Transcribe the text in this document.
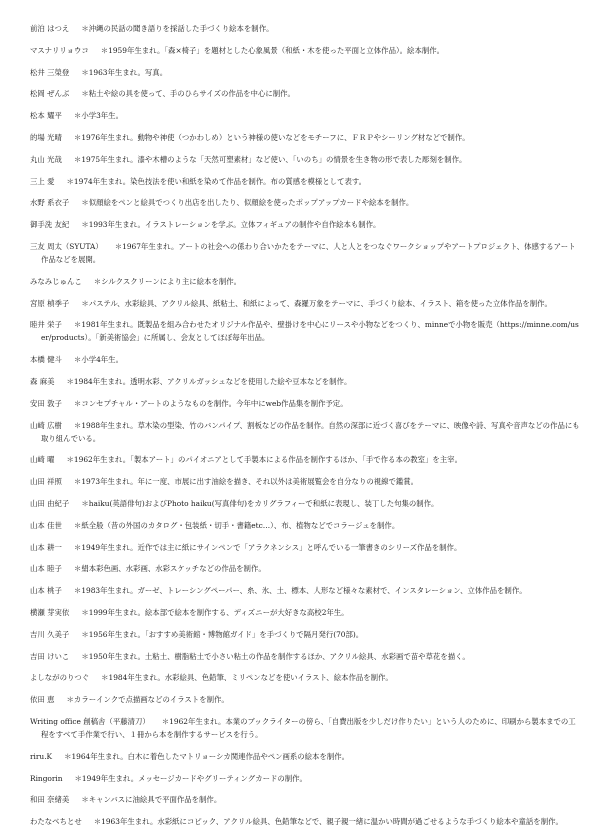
前泊 はつえ ＊沖縄の民話の聞き語りを採話した手づくり絵本を制作。

マスナリリョウコ ＊1959年生まれ。「森×椅子」を題材とした心象風景（和紙・木を使った平面と立体作品）。絵本制作。

松井 三榮登 ＊1963年生まれ。写真。

松岡 ぜんぶ ＊粘土や絵の具を使って、手のひらサイズの作品を中心に制作。

松本 耀平 ＊小学3年生。

的場 光晴 ＊1976年生まれ。動物や神使（つかわしめ）という神様の使いなどをモチーフに、ＦＲＰやシーリング材などで制作。

丸山 光哉 ＊1975年生まれ。漆や木槽のような「天然可塑素材」など使い、「いのち」の情景を生き物の形で表した彫刻を制作。

三上 愛 ＊1974年生まれ。染色技法を使い和紙を染めて作品を制作。布の質感を模様として表す。

水野 系衣子 ＊似顔絵をペンと絵具でつくり出店を出したり、似顔絵を使ったポップアップカードや絵本を制作。

御手洗 友紀 ＊1993年生まれ。イラストレーションを学ぶ。立体フィギュアの制作や自作絵本も制作。

三友 周太（SYUTA） ＊1967年生まれ。アートの社会への係わり合いかたをテーマに、人と人とをつなぐワークショップやアートプロジェクト、体感するアート作品などを展開。

みなみじゅんこ ＊シルクスクリーンにより主に絵本を制作。

宮原 楨季子 ＊パステル、水彩絵具、アクリル絵具、紙粘土、和紙によって、森羅万象をテーマに、手づくり絵本、イラスト、箱を使った立体作品を制作。

睦井 栄子 ＊1981年生まれ。既製品を組み合わせたオリジナル作品や、壁掛けを中心にリースや小物などをつくり、minneで小物を販売（https://minne.com/user/products）。「新美術協会」に所属し、会友としてほぼ毎年出品。

本橋 健斗 ＊小学4年生。

森 麻美 ＊1984年生まれ。透明水彩、アクリルガッシュなどを使用した絵や豆本などを制作。

安田 敦子 ＊コンセプチャル・アートのようなものを制作。今年中にweb作品集を制作予定。

山崎 広樹 ＊1988年生まれ。草木染の型染、竹のバンパイプ、割板などの作品を制作。自然の深部に近づく喜びをテーマに、映像や詩、写真や音声などの作品にも取り組んでいる。

山崎 曜 ＊1962年生まれ。「製本アート」のパイオニアとして手製本による作品を制作するほか、「手で作る本の教室」を主宰。

山田 祥照 ＊1973年生まれ。年に一度、市展に出す油絵を描き、それ以外は美術展覧会を自分なりの視線で鑑賞。

山田 由紀子 ＊haiku(英語俳句)およびPhoto haiku(写真俳句)をカリグラフィーで和紙に表現し、装丁した句集の制作。

山本 佳世 ＊紙全般（昔の外国のカタログ・包装紙・切手・書籍etc…）、布、植物などでコラージュを制作。

山本 耕一 ＊1949年生まれ。近作では主に紙にサインペンで「アラクネンシス」と呼んでいる一筆書きのシリーズ作品を制作。

山本 睦子 ＊絹本彩色画、水彩画、水彩スケッチなどの作品を制作。

山本 桃子 ＊1983年生まれ。ガーゼ、トレーシングペーパー、糸、氷、土、標本、人形など様々な素材で、インスタレーション、立体作品を制作。

横瀬 芽実依 ＊1999年生まれ。絵本部で絵本を制作する、ディズニーが大好きな高校2年生。

吉川 久美子 ＊1956年生まれ。「おすすめ美術館・博物館ガイド」を手づくりで隔月発行(70部)。

吉田 けいこ ＊1950年生まれ。土粘土、樹脂粘土で小さい粘土の作品を制作するほか、アクリル絵具、水彩画で苗や草花を描く。

よしながのりつぐ ＊1984年生まれ。水彩絵具、色鉛筆、ミリペンなどを使いイラスト、絵本作品を制作。

依田 恵 ＊カラーインクで点描画などのイラストを制作。

Writing office 創稿舎（平藤清刀） ＊1962年生まれ。本業のブックライターの傍ら、「自費出版を少しだけ作りたい」という人のために、印刷から製本までの工程をすべて手作業で行い、１冊から本を制作するサービスを行う。

riru.K ＊1964年生まれ。白木に着色したマトリョーシカ関連作品やペン画系の絵本を制作。

Ringorin ＊1949年生まれ。メッセージカードやグリーティングカードの制作。

和田 奈緒美 ＊キャンバスに油絵具で平面作品を制作。

わたなべちとせ ＊1963年生まれ。水彩紙にコピック、アクリル絵具、色鉛筆などで、親子親一緒に温かい時間が過ごせるような手づくり絵本や童話を制作。
